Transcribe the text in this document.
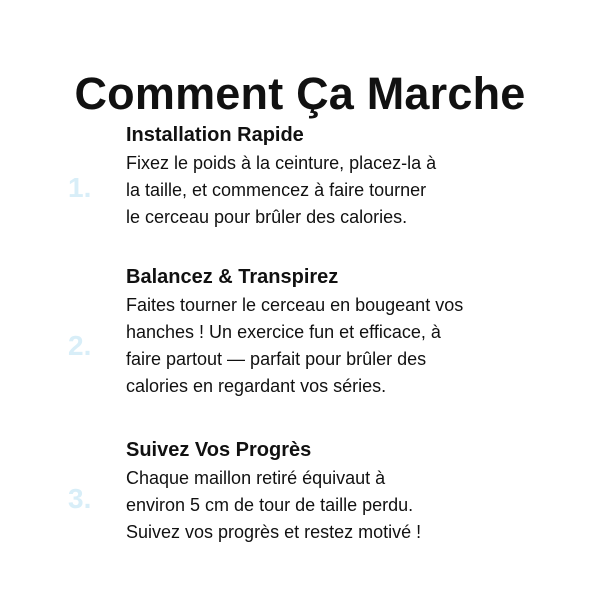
Comment Ça Marche
1.
Installation Rapide

Fixez le poids à la ceinture, placez-la à
la taille, et commencez à faire tourner
le cerceau pour brûler des calories.

2.
Balancez & Transpirez

Faites tourner le cerceau en bougeant vos
hanches ! Un exercice fun et efficace, à
faire partout — parfait pour brûler des
calories en regardant vos séries.

3.
Suivez Vos Progrès

Chaque maillon retiré équivaut à
environ 5 cm de tour de taille perdu.
Suivez vos progrès et restez motivé !
